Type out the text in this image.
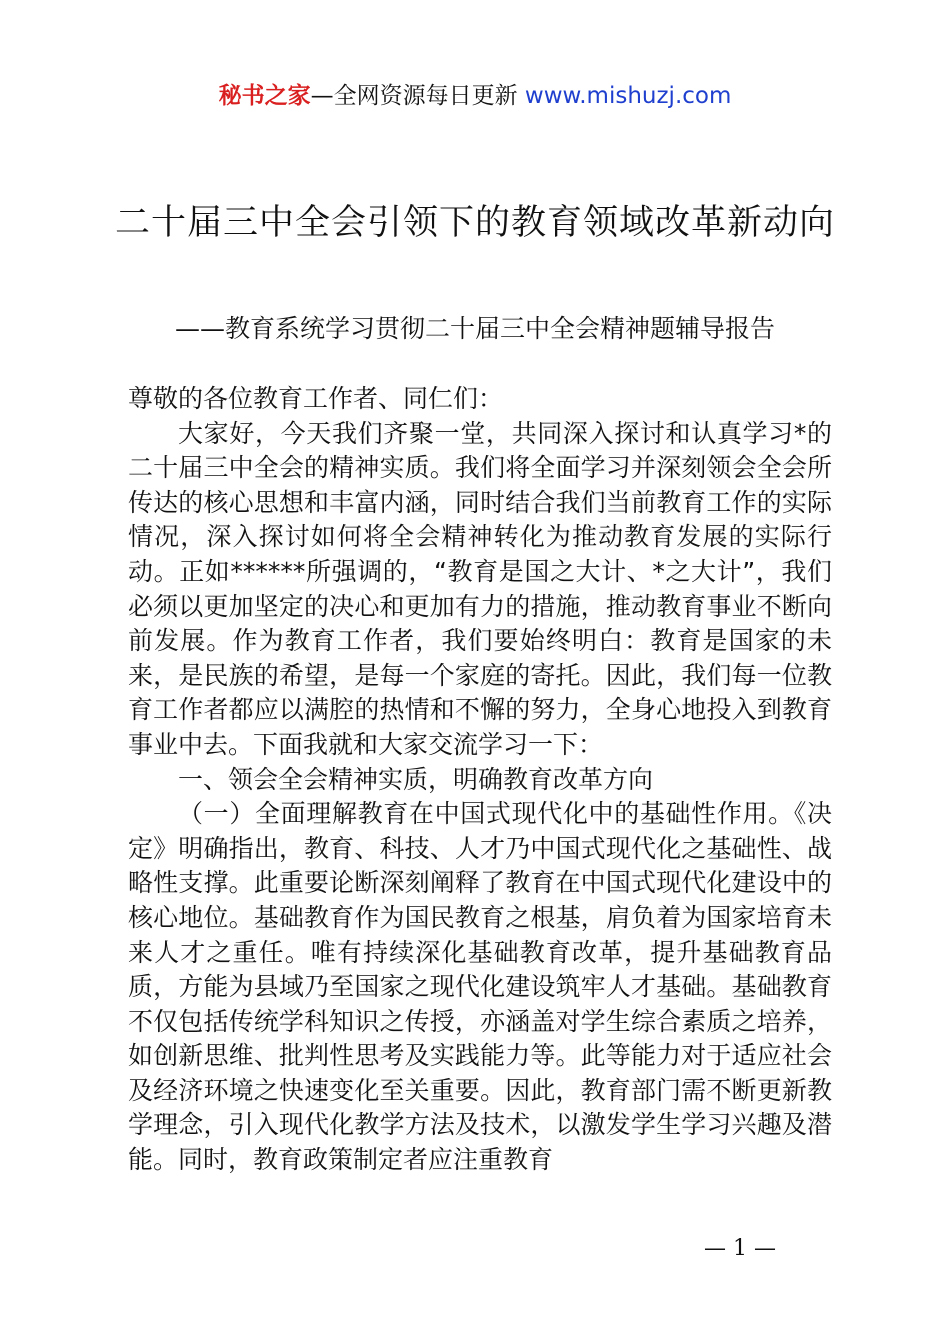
秘书之家—全网资源每日更新 www.mishuzj.com
二十届三中全会引领下的教育领域改革新动向
——教育系统学习贯彻二十届三中全会精神题辅导报告

尊敬的各位教育工作者、同仁们：

大家好，今天我们齐聚一堂，共同深入探讨和认真学习*的二十届三中全会的精神实质。我们将全面学习并深刻领会全会所传达的核心思想和丰富内涵，同时结合我们当前教育工作的实际情况，深入探讨如何将全会精神转化为推动教育发展的实际行动。正如******所强调的，“教育是国之大计、*之大计”，我们必须以更加坚定的决心和更加有力的措施，推动教育事业不断向前发展。作为教育工作者，我们要始终明白：教育是国家的未来，是民族的希望，是每一个家庭的寄托。因此，我们每一位教育工作者都应以满腔的热情和不懈的努力，全身心地投入到教育事业中去。下面我就和大家交流学习一下：

一、领会全会精神实质，明确教育改革方向

（一）全面理解教育在中国式现代化中的基础性作用。《决定》明确指出，教育、科技、人才乃中国式现代化之基础性、战略性支撑。此重要论断深刻阐释了教育在中国式现代化建设中的核心地位。基础教育作为国民教育之根基，肩负着为国家培育未来人才之重任。唯有持续深化基础教育改革，提升基础教育品质，方能为县域乃至国家之现代化建设筑牢人才基础。基础教育不仅包括传统学科知识之传授，亦涵盖对学生综合素质之培养，如创新思维、批判性思考及实践能力等。此等能力对于适应社会及经济环境之快速变化至关重要。因此，教育部门需不断更新教学理念，引入现代化教学方法及技术，以激发学生学习兴趣及潜能。同时，教育政策制定者应注重教育

— 1 —
